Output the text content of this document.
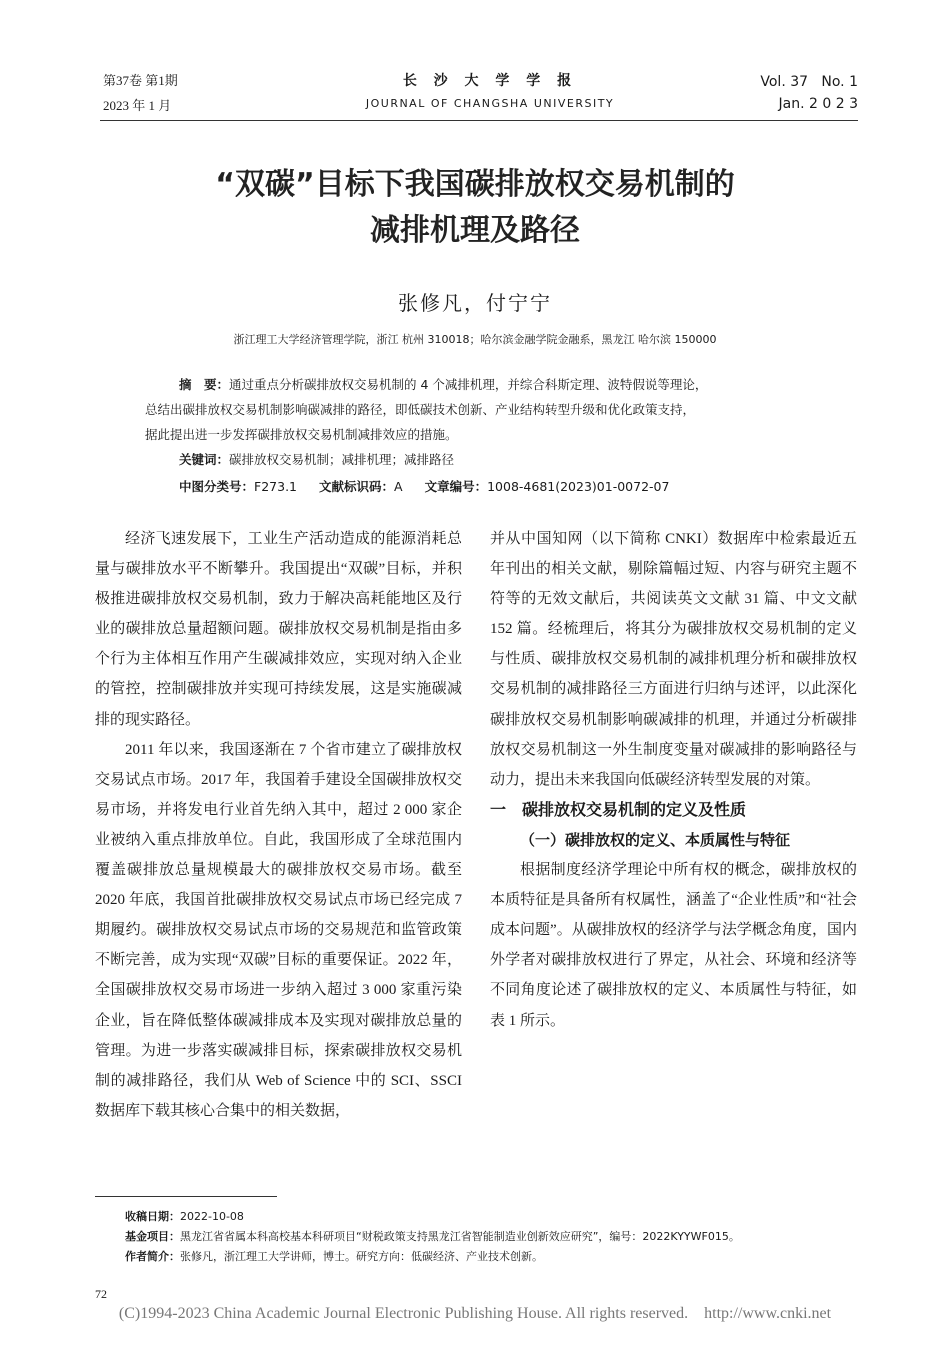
第37卷 第1期
2023 年 1 月
长 沙 大 学 学 报
JOURNAL OF CHANGSHA UNIVERSITY
Vol. 37   No. 1
Jan. 2 0 2 3
“双碳”目标下我国碳排放权交易机制的
减排机理及路径
张修凡，付宁宁
浙江理工大学经济管理学院，浙江 杭州 310018；哈尔滨金融学院金融系，黑龙江 哈尔滨 150000
摘　要：通过重点分析碳排放权交易机制的 4 个减排机理，并综合科斯定理、波特假说等理论，
总结出碳排放权交易机制影响碳减排的路径，即低碳技术创新、产业结构转型升级和优化政策支持，
据此提出进一步发挥碳排放权交易机制减排效应的措施。
关键词：碳排放权交易机制；减排机理；减排路径
中图分类号：F273.1 文献标识码：A 文章编号：1008-4681(2023)01-0072-07

经济飞速发展下，工业生产活动造成的能源消耗总量与碳排放水平不断攀升。我国提出“双碳”目标，并积极推进碳排放权交易机制，致力于解决高耗能地区及行业的碳排放总量超额问题。碳排放权交易机制是指由多个行为主体相互作用产生碳减排效应，实现对纳入企业的管控，控制碳排放并实现可持续发展，这是实施碳减排的现实路径。

2011 年以来，我国逐渐在 7 个省市建立了碳排放权交易试点市场。2017 年，我国着手建设全国碳排放权交易市场，并将发电行业首先纳入其中，超过 2 000 家企业被纳入重点排放单位。自此，我国形成了全球范围内覆盖碳排放总量规模最大的碳排放权交易市场。截至 2020 年底，我国首批碳排放权交易试点市场已经完成 7 期履约。碳排放权交易试点市场的交易规范和监管政策不断完善，成为实现“双碳”目标的重要保证。2022 年，全国碳排放权交易市场进一步纳入超过 3 000 家重污染企业，旨在降低整体碳减排成本及实现对碳排放总量的管理。为进一步落实碳减排目标，探索碳排放权交易机制的减排路径，我们从 Web of Science 中的 SCI、SSCI 数据库下载其核心合集中的相关数据，

并从中国知网（以下简称 CNKI）数据库中检索最近五年刊出的相关文献，剔除篇幅过短、内容与研究主题不符等的无效文献后，共阅读英文文献 31 篇、中文文献 152 篇。经梳理后，将其分为碳排放权交易机制的定义与性质、碳排放权交易机制的减排机理分析和碳排放权交易机制的减排路径三方面进行归纳与述评，以此深化碳排放权交易机制影响碳减排的机理，并通过分析碳排放权交易机制这一外生制度变量对碳减排的影响路径与动力，提出未来我国向低碳经济转型发展的对策。

一　碳排放权交易机制的定义及性质

（一）碳排放权的定义、本质属性与特征

根据制度经济学理论中所有权的概念，碳排放权的本质特征是具备所有权属性，涵盖了“企业性质”和“社会成本问题”。从碳排放权的经济学与法学概念角度，国内外学者对碳排放权进行了界定，从社会、环境和经济等不同角度论述了碳排放权的定义、本质属性与特征，如表 1 所示。

收稿日期：2022-10-08
基金项目：黑龙江省省属本科高校基本科研项目“财税政策支持黑龙江省智能制造业创新效应研究”，编号：2022KYYWF015。
作者简介：张修凡，浙江理工大学讲师，博士。研究方向：低碳经济、产业技术创新。
72
(C)1994-2023 China Academic Journal Electronic Publishing House. All rights reserved.    http://www.cnki.net
